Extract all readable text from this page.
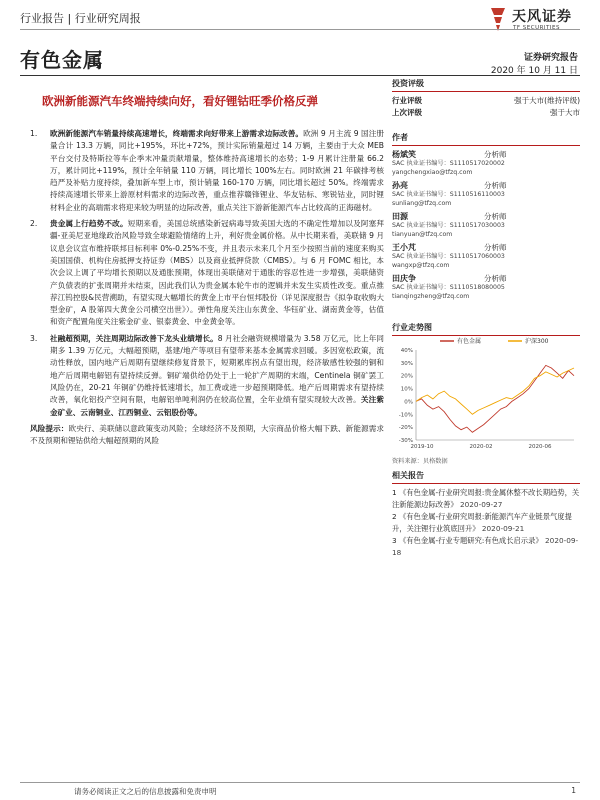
行业报告 | 行业研究周报	天风证券
TF SECURITIES
有色金属	证券研究报告
2020 年 10 月 11 日
欧洲新能源汽车终端持续向好，看好锂钴旺季价格反弹

1. 欧洲新能源汽车销量持续高速增长，终端需求向好带来上游需求边际改善。欧洲 9 月主流 9 国注册量合计 13.3 万辆，同比+195%，环比+72%，预计实际销量超过 14 万辆，主要由于大众 MEB 平台交付及特斯拉等车企季末冲量贡献增量，整体维持高速增长的态势；1-9 月累计注册量 66.2 万，累计同比+119%，预计全年销量 110 万辆，同比增长 100%左右。同时欧洲 21 年碳排考核趋严及补贴力度持续，叠加新车型上市，预计销量 160-170 万辆，同比增长超过 50%。终端需求持续高速增长带来上游原材料需求的边际改善，重点推荐赣锋锂业、华友钴标、寒锐钴业，同时锂材料企业的高端需求将迎来较为明显的边际改善，重点关注下游新能源汽车占比较高的正海磁材。

2. 贵金属上行趋势不改。短期来看，美国总统感染新冠病毒导致美国大选的不确定性增加以及阿塞拜疆-亚美尼亚地缘政治风险导致全球避险情绪的上升，利好贵金属价格。从中长期来看，美联储 9 月议息会议宣布维持联邦目标利率 0%-0.25%不变，并且表示未来几个月至少按照当前的速度来购买美国国债、机构住房抵押支持证券（MBS）以及商业抵押贷款（CMBS）。与 6 月 FOMC 相比，本次会议上调了平均增长预期以及通胀预期，体现出美联储对于通胀的容忍性进一步增强，美联储资产负债表的扩张周期并未结束，因此我们认为贵金属本轮牛市的逻辑并未发生实质性改变。重点推荐江钨控股&民营溯助，有望实现大幅增长的黄金上市平台恒邦股份（详见深度报告《拟争取收购大型金矿，A 股第四大黄金公司横空出世》）。弹性角度关注山东黄金、华钰矿业、湖南黄金等，估值和资产配置角度关注紫金矿业、银泰黄金、中金黄金等。

3. 社融超预期，关注周期边际改善下龙头业绩增长。8 月社会融资规模增量为 3.58 万亿元，比上年同期多 1.39 万亿元，大幅超预期，基建/地产等项目有望带来基本金属需求回暖。多因宽松政策，流动性释放，国内地产后周期有望继续修复背景下，短期累库拐点有望出现，经济敏感性较强的铜和地产后周期电解铝有望持续反弹。铜矿端供给仍处于上一轮扩产周期的末端，Centinela 铜矿罢工风险仍在，20-21 年铜矿仍维持低速增长，加工费或进一步超预期降低。地产后周期需求有望持续改善，氧化铝投产空间有限，电解铝单吨利润仍在较高位置，全年业绩有望实现较大改善。关注紫金矿业、云南铜业、江西铜业、云铝股份等。

风险提示：欧央行、美联储以意政策变动风险；全球经济不及预期，大宗商品价格大幅下跌、新能源需求不及预期和锂钴供给大幅超预期的风险

投资评级
行业评级	强于大市(维持评级)
上次评级	强于大市
作者
杨斌笑	分析师
SAC 执业证书编号：S1110517020002
yangchengxiao@tfzq.com
孙亮	分析师
SAC 执业证书编号：S1110516110003
sunliang@tfzq.com
田源	分析师
SAC 执业证书编号：S1110517030003
tianyuan@tfzq.com
王小芃	分析师
SAC 执业证书编号：S1110517060003
wangxp@tfzq.com
田庆争	分析师
SAC 执业证书编号：S1110518080005
tianqingzheng@tfzq.com
行业走势图
40%
30%
20%
10%
0%
-10%
-20%
-30%
2019-10	2020-02	2020-06
有色金属	沪深300
资料来源：贝格数据
相关报告
1 《有色金属-行业研究周报:贵金属休整不改长期趋势，关注新能源边际改善》 2020-09-27
2 《有色金属-行业研究周报:新能源汽车产业链景气度提升，关注锂行业筑底回升》 2020-09-21
3 《有色金属-行业专题研究:有色成长启示录》 2020-09-18
请务必阅读正文之后的信息披露和免责申明	1
